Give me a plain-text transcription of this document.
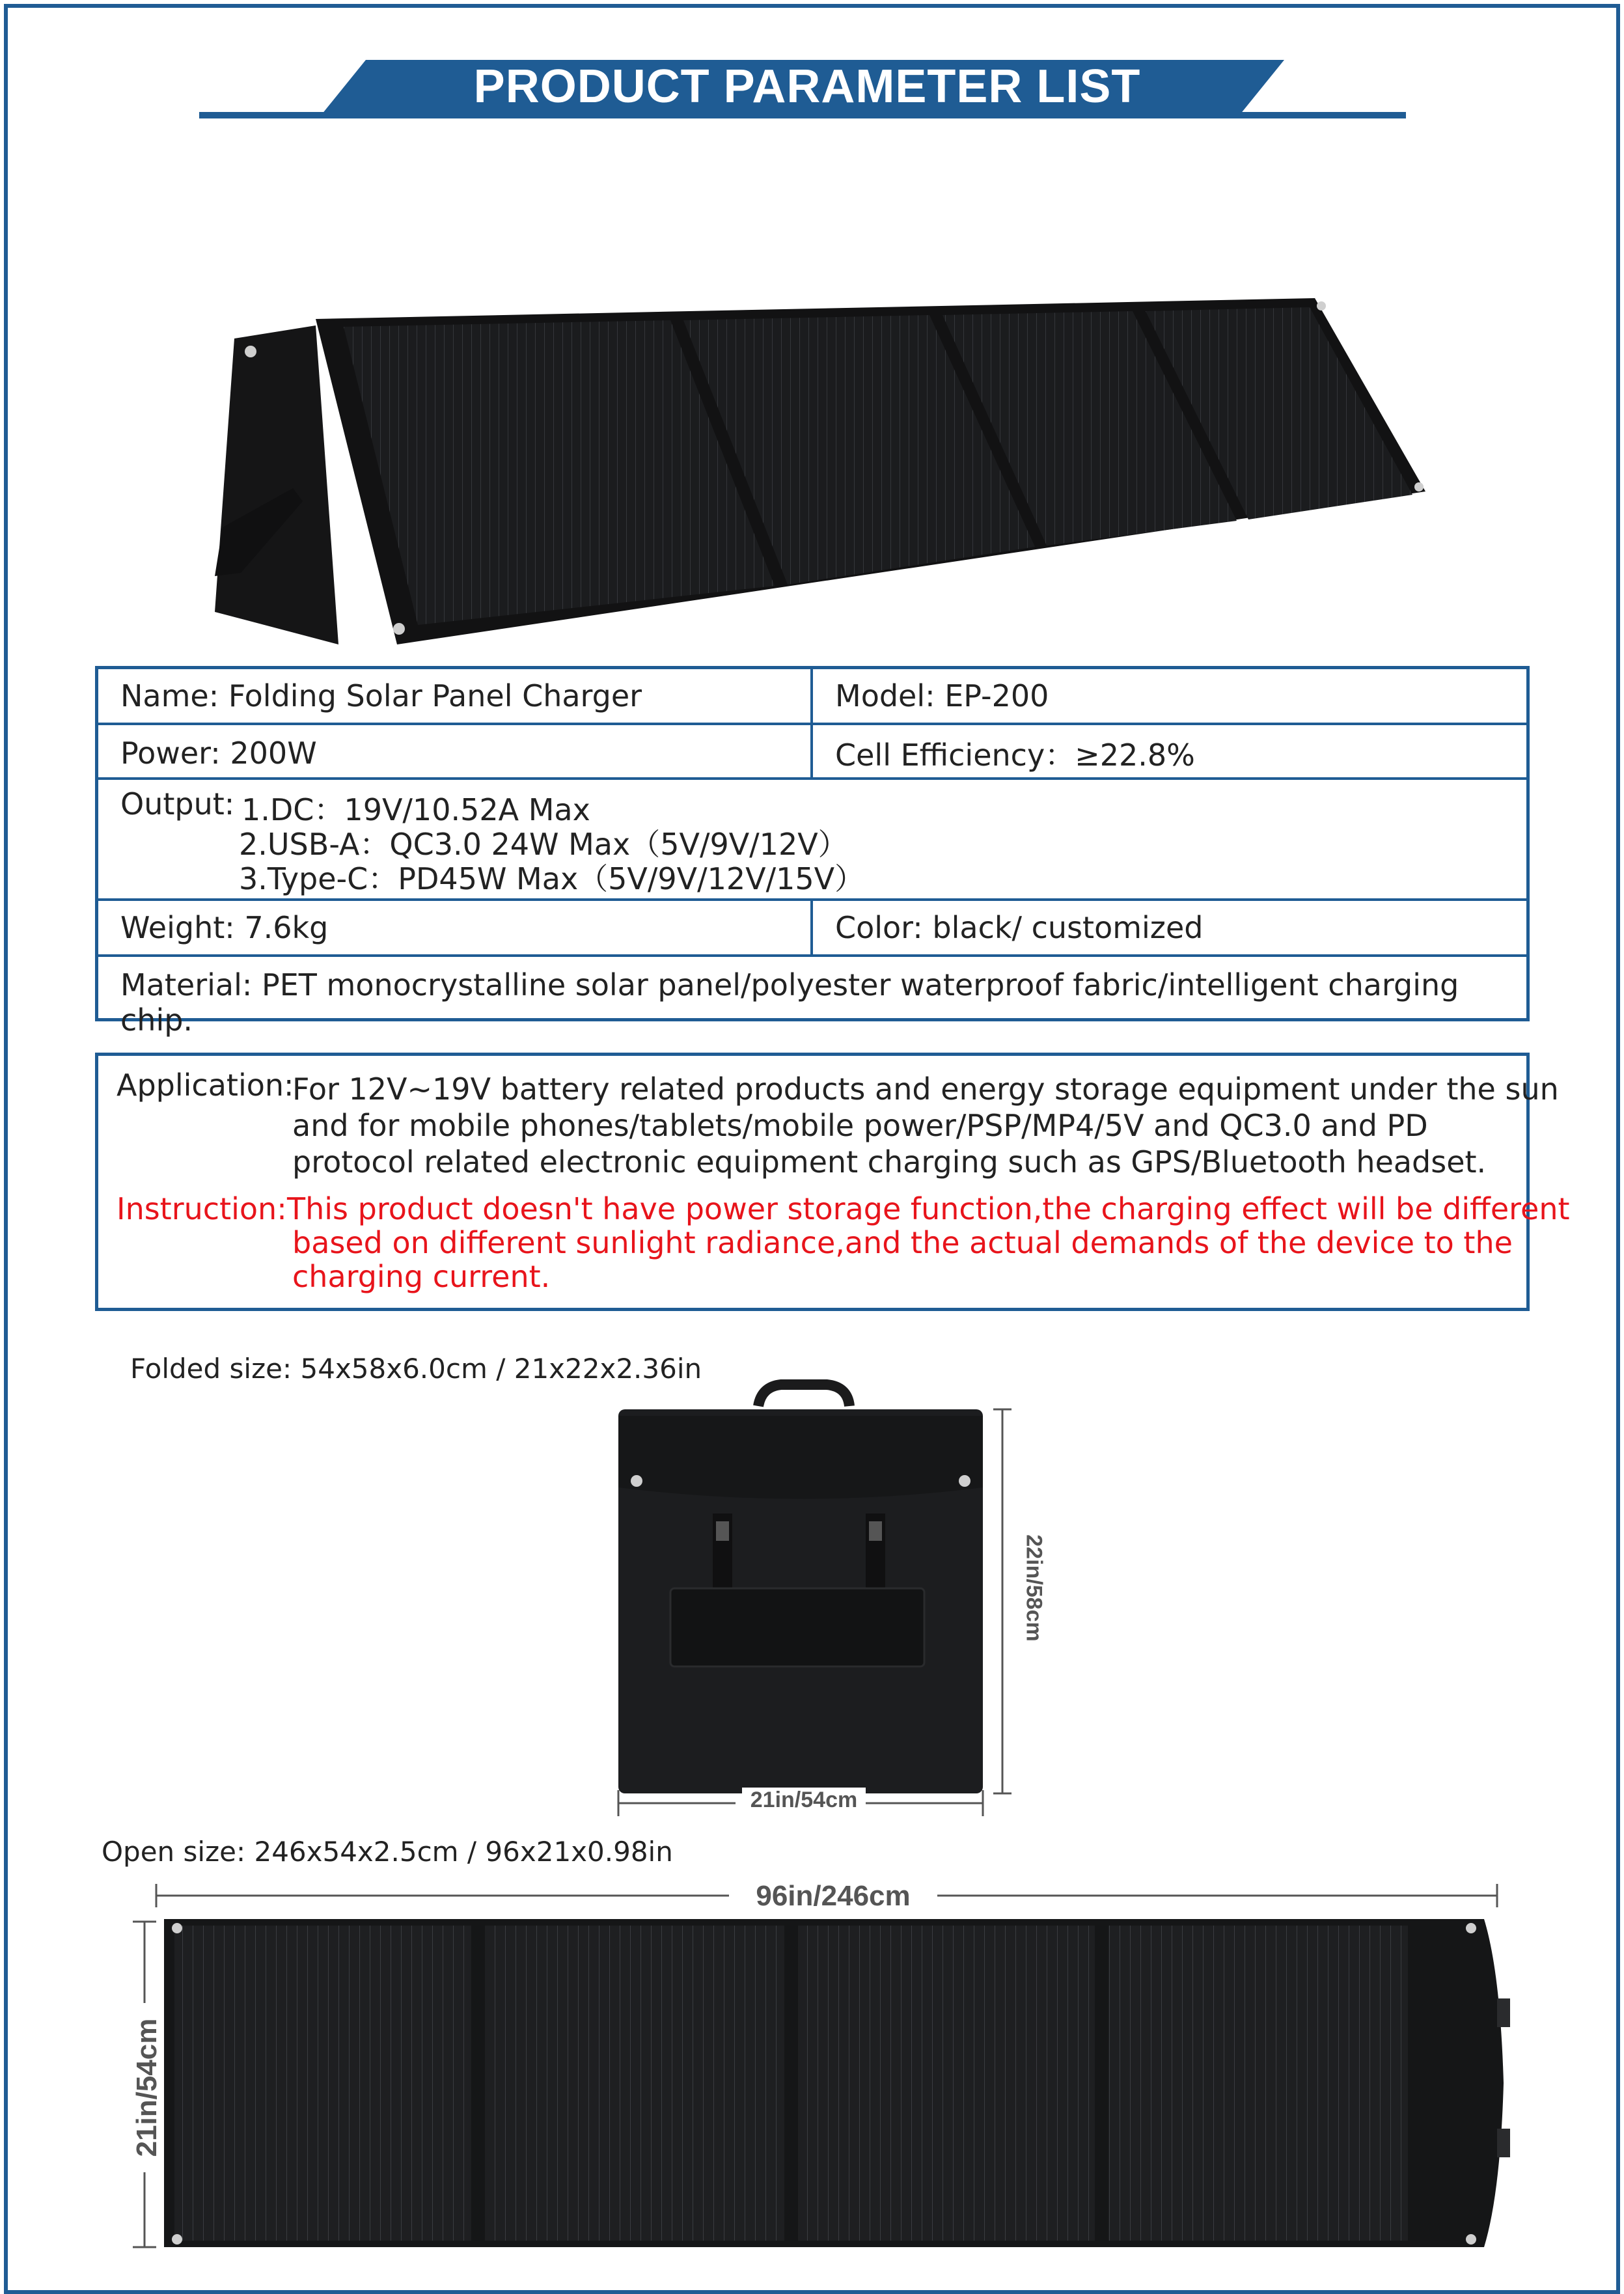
PRODUCT PARAMETER LIST
Name: Folding Solar Panel Charger	Model: EP-200
Power: 200W	Cell Efficiency：≥22.8%
Output: 1.DC：19V/10.52A Max
2.USB-A：QC3.0 24W Max（5V/9V/12V）
3.Type-C：PD45W Max（5V/9V/12V/15V）
Weight: 7.6kg	Color: black/ customized
Material: PET monocrystalline solar panel/polyester waterproof fabric/intelligent charging chip.
Application:
For 12V~19V battery related products and energy storage equipment under the sun
and for mobile phones/tablets/mobile power/PSP/MP4/5V and QC3.0 and PD
protocol related electronic equipment charging such as GPS/Bluetooth headset.
Instruction: This product doesn't have power storage function,the charging effect will be different
based on different sunlight radiance,and the actual demands of the device to the
charging current.
Folded size: 54x58x6.0cm / 21x22x2.36in
22in/58cm
21in/54cm
Open size: 246x54x2.5cm / 96x21x0.98in
96in/246cm
21in/54cm
